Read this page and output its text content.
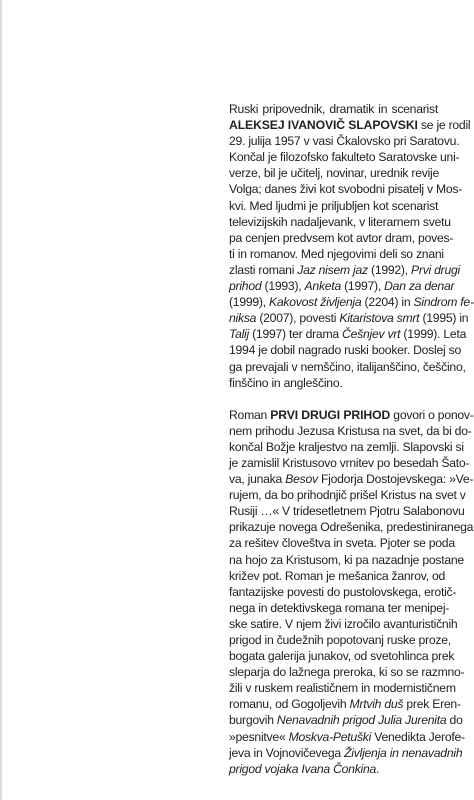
Ruski pripovednik, dramatik in scenarist
ALEKSEJ IVANOVIČ SLAPOVSKI se je rodil
29. julija 1957 v vasi Čkalovsko pri Saratovu.
Končal je filozofsko fakulteto Saratovske uni-
verze, bil je učitelj, novinar, urednik revije
Volga; danes živi kot svobodni pisatelj v Mos-
kvi. Med ljudmi je priljubljen kot scenarist
televizijskih nadaljevank, v literarnem svetu
pa cenjen predvsem kot avtor dram, poves-
ti in romanov. Med njegovimi deli so znani
zlasti romani Jaz nisem jaz (1992), Prvi drugi
prihod (1993), Anketa (1997), Dan za denar
(1999), Kakovost življenja (2204) in Sindrom fe-
niksa (2007), povesti Kitaristova smrt (1995) in
Talij (1997) ter drama Češnjev vrt (1999). Leta
1994 je dobil nagrado ruski booker. Doslej so
ga prevajali v nemščino, italijanščino, češčino,
finščino in angleščino.

Roman PRVI DRUGI PRIHOD govori o ponov-
nem prihodu Jezusa Kristusa na svet, da bi do-
končal Božje kraljestvo na zemlji. Slapovski si
je zamislil Kristusovo vrnitev po besedah Šato-
va, junaka Besov Fjodorja Dostojevskega: »Ve-
rujem, da bo prihodnjič prišel Kristus na svet v
Rusiji …« V tridesetletnem Pjotru Salabonovu
prikazuje novega Odrešenika, predestiniranega
za rešitev človeštva in sveta. Pjoter se poda
na hojo za Kristusom, ki pa nazadnje postane
križev pot. Roman je mešanica žanrov, od
fantazijske povesti do pustolovskega, erotič-
nega in detektivskega romana ter menipej-
ske satire. V njem živi izročilo avanturističnih
prigod in čudežnih popotovanj ruske proze,
bogata galerija junakov, od svetohlinca prek
sleparja do lažnega preroka, ki so se razmno-
žili v ruskem realističnem in modernističnem
romanu, od Gogoljevih Mrtvih duš prek Eren-
burgovih Nenavadnih prigod Julia Jurenita do
»pesnitve« Moskva-Petuški Venedikta Jerofe-
jeva in Vojnovičevega Življenja in nenavadnih
prigod vojaka Ivana Čonkina.
